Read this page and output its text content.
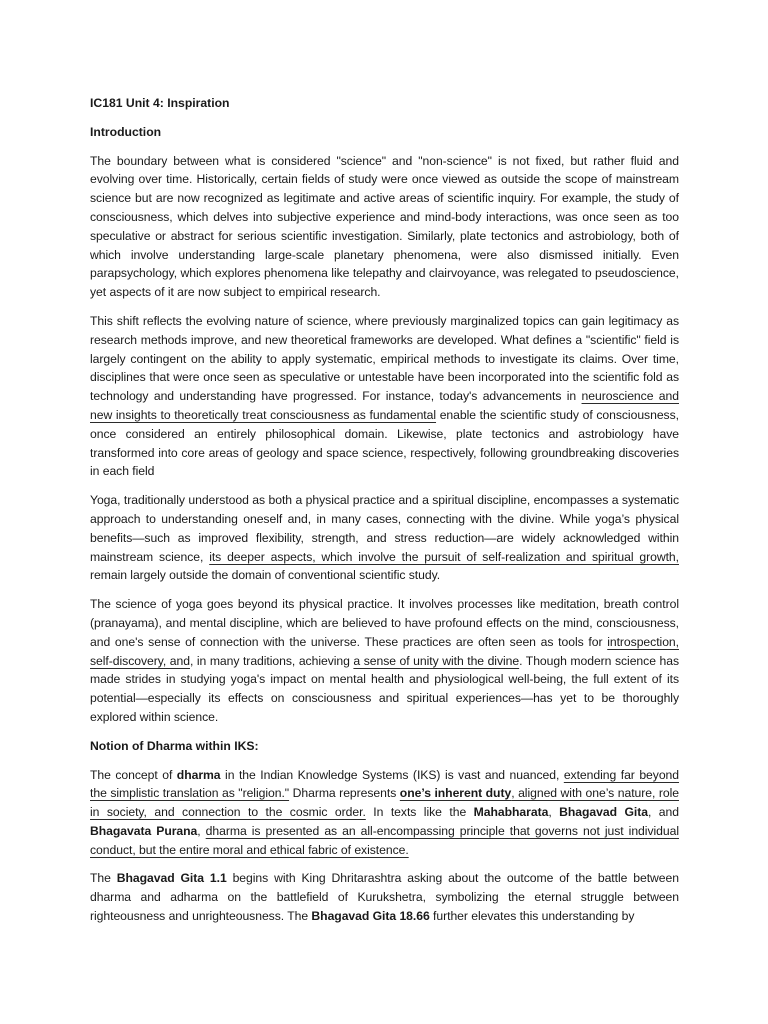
IC181 Unit 4: Inspiration
Introduction

The boundary between what is considered "science" and "non-science" is not fixed, but rather fluid and evolving over time. Historically, certain fields of study were once viewed as outside the scope of mainstream science but are now recognized as legitimate and active areas of scientific inquiry. For example, the study of consciousness, which delves into subjective experience and mind-body interactions, was once seen as too speculative or abstract for serious scientific investigation. Similarly, plate tectonics and astrobiology, both of which involve understanding large-scale planetary phenomena, were also dismissed initially. Even parapsychology, which explores phenomena like telepathy and clairvoyance, was relegated to pseudoscience, yet aspects of it are now subject to empirical research.

This shift reflects the evolving nature of science, where previously marginalized topics can gain legitimacy as research methods improve, and new theoretical frameworks are developed. What defines a "scientific" field is largely contingent on the ability to apply systematic, empirical methods to investigate its claims. Over time, disciplines that were once seen as speculative or untestable have been incorporated into the scientific fold as technology and understanding have progressed. For instance, today's advancements in neuroscience and new insights to theoretically treat consciousness as fundamental enable the scientific study of consciousness, once considered an entirely philosophical domain. Likewise, plate tectonics and astrobiology have transformed into core areas of geology and space science, respectively, following groundbreaking discoveries in each field

Yoga, traditionally understood as both a physical practice and a spiritual discipline, encompasses a systematic approach to understanding oneself and, in many cases, connecting with the divine. While yoga’s physical benefits—such as improved flexibility, strength, and stress reduction—are widely acknowledged within mainstream science, its deeper aspects, which involve the pursuit of self-realization and spiritual growth, remain largely outside the domain of conventional scientific study.

The science of yoga goes beyond its physical practice. It involves processes like meditation, breath control (pranayama), and mental discipline, which are believed to have profound effects on the mind, consciousness, and one's sense of connection with the universe. These practices are often seen as tools for introspection, self-discovery, and, in many traditions, achieving a sense of unity with the divine. Though modern science has made strides in studying yoga's impact on mental health and physiological well-being, the full extent of its potential—especially its effects on consciousness and spiritual experiences—has yet to be thoroughly explored within science.

Notion of Dharma within IKS:

The concept of dharma in the Indian Knowledge Systems (IKS) is vast and nuanced, extending far beyond the simplistic translation as "religion." Dharma represents one’s inherent duty, aligned with one’s nature, role in society, and connection to the cosmic order. In texts like the Mahabharata, Bhagavad Gita, and Bhagavata Purana, dharma is presented as an all-encompassing principle that governs not just individual conduct, but the entire moral and ethical fabric of existence.

The Bhagavad Gita 1.1 begins with King Dhritarashtra asking about the outcome of the battle between dharma and adharma on the battlefield of Kurukshetra, symbolizing the eternal struggle between righteousness and unrighteousness. The Bhagavad Gita 18.66 further elevates this understanding by
